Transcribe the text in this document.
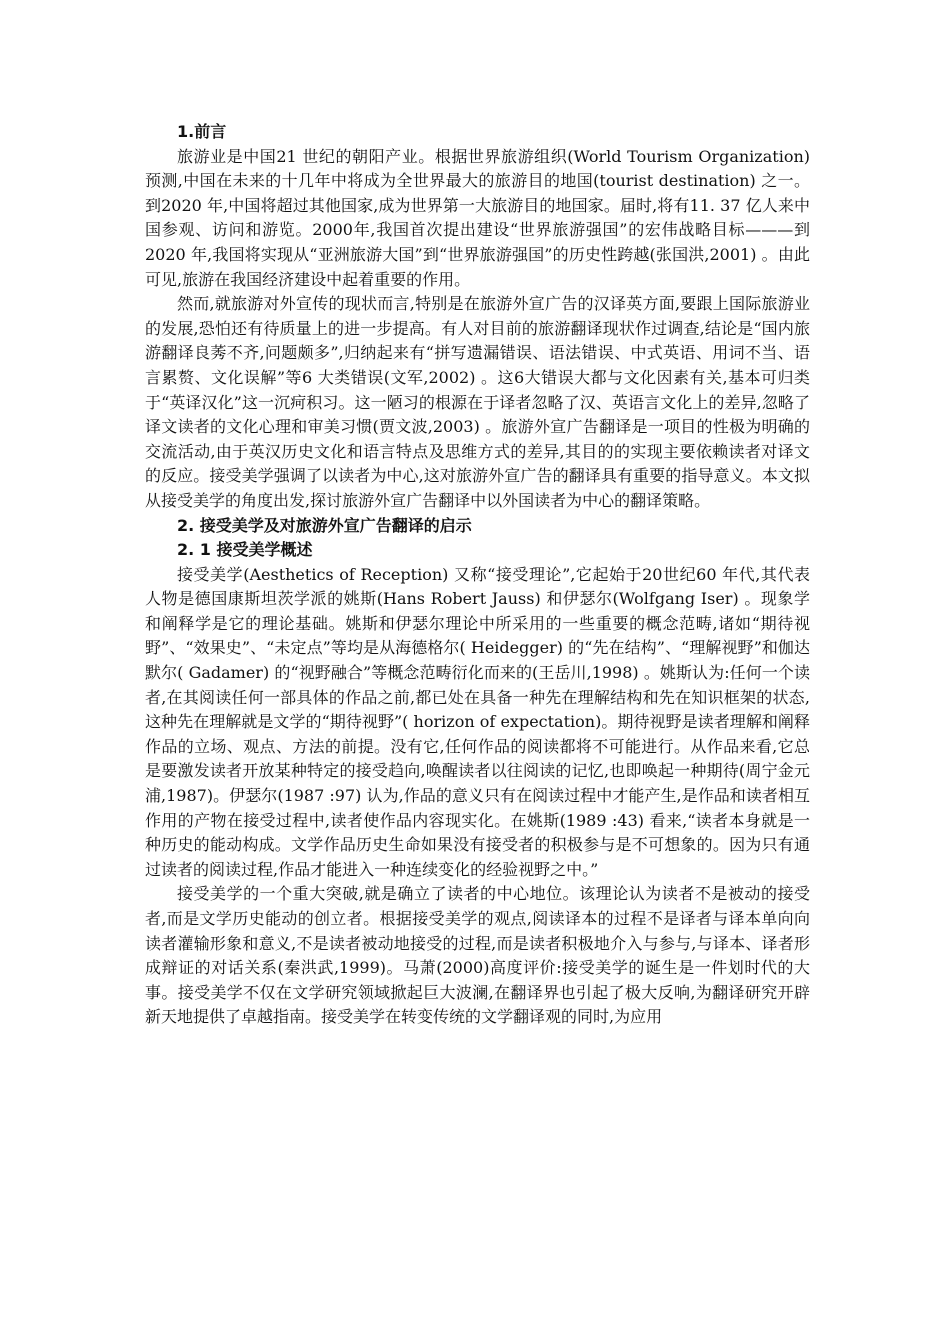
1.前言

旅游业是中国21 世纪的朝阳产业。根据世界旅游组织(World Tourism Organization) 预测,中国在未来的十几年中将成为全世界最大的旅游目的地国(tourist destination) 之一。到2020 年,中国将超过其他国家,成为世界第一大旅游目的地国家。届时,将有11. 37 亿人来中国参观、访问和游览。2000年,我国首次提出建设“世界旅游强国”的宏伟战略目标———到2020 年,我国将实现从“亚洲旅游大国”到“世界旅游强国”的历史性跨越(张国洪,2001) 。由此可见,旅游在我国经济建设中起着重要的作用。

然而,就旅游对外宣传的现状而言,特别是在旅游外宣广告的汉译英方面,要跟上国际旅游业的发展,恐怕还有待质量上的进一步提高。有人对目前的旅游翻译现状作过调查,结论是“国内旅游翻译良莠不齐,问题颇多”,归纳起来有“拼写遗漏错误、语法错误、中式英语、用词不当、语言累赘、文化误解”等6 大类错误(文军,2002) 。这6大错误大都与文化因素有关,基本可归类于“英译汉化”这一沉疴积习。这一陋习的根源在于译者忽略了汉、英语言文化上的差异,忽略了译文读者的文化心理和审美习惯(贾文波,2003) 。旅游外宣广告翻译是一项目的性极为明确的交流活动,由于英汉历史文化和语言特点及思维方式的差异,其目的的实现主要依赖读者对译文的反应。接受美学强调了以读者为中心,这对旅游外宣广告的翻译具有重要的指导意义。本文拟从接受美学的角度出发,探讨旅游外宣广告翻译中以外国读者为中心的翻译策略。

2. 接受美学及对旅游外宣广告翻译的启示

2. 1 接受美学概述

接受美学(Aesthetics of Reception) 又称“接受理论”,它起始于20世纪60 年代,其代表人物是德国康斯坦茨学派的姚斯(Hans Robert Jauss) 和伊瑟尔(Wolfgang Iser) 。现象学和阐释学是它的理论基础。姚斯和伊瑟尔理论中所采用的一些重要的概念范畴,诸如“期待视野”、“效果史”、“未定点”等均是从海德格尔( Heidegger) 的“先在结构”、“理解视野”和伽达默尔( Gadamer) 的“视野融合”等概念范畴衍化而来的(王岳川,1998) 。姚斯认为:任何一个读者,在其阅读任何一部具体的作品之前,都已处在具备一种先在理解结构和先在知识框架的状态,这种先在理解就是文学的“期待视野”( horizon of expectation)。期待视野是读者理解和阐释作品的立场、观点、方法的前提。没有它,任何作品的阅读都将不可能进行。从作品来看,它总是要激发读者开放某种特定的接受趋向,唤醒读者以往阅读的记忆,也即唤起一种期待(周宁金元浦,1987)。伊瑟尔(1987 :97) 认为,作品的意义只有在阅读过程中才能产生,是作品和读者相互作用的产物在接受过程中,读者使作品内容现实化。在姚斯(1989 :43) 看来,“读者本身就是一种历史的能动构成。文学作品历史生命如果没有接受者的积极参与是不可想象的。因为只有通过读者的阅读过程,作品才能进入一种连续变化的经验视野之中。”

接受美学的一个重大突破,就是确立了读者的中心地位。该理论认为读者不是被动的接受者,而是文学历史能动的创立者。根据接受美学的观点,阅读译本的过程不是译者与译本单向向读者灌输形象和意义,不是读者被动地接受的过程,而是读者积极地介入与参与,与译本、译者形成辩证的对话关系(秦洪武,1999)。马萧(2000)高度评价:接受美学的诞生是一件划时代的大事。接受美学不仅在文学研究领域掀起巨大波澜,在翻译界也引起了极大反响,为翻译研究开辟新天地提供了卓越指南。接受美学在转变传统的文学翻译观的同时,为应用
